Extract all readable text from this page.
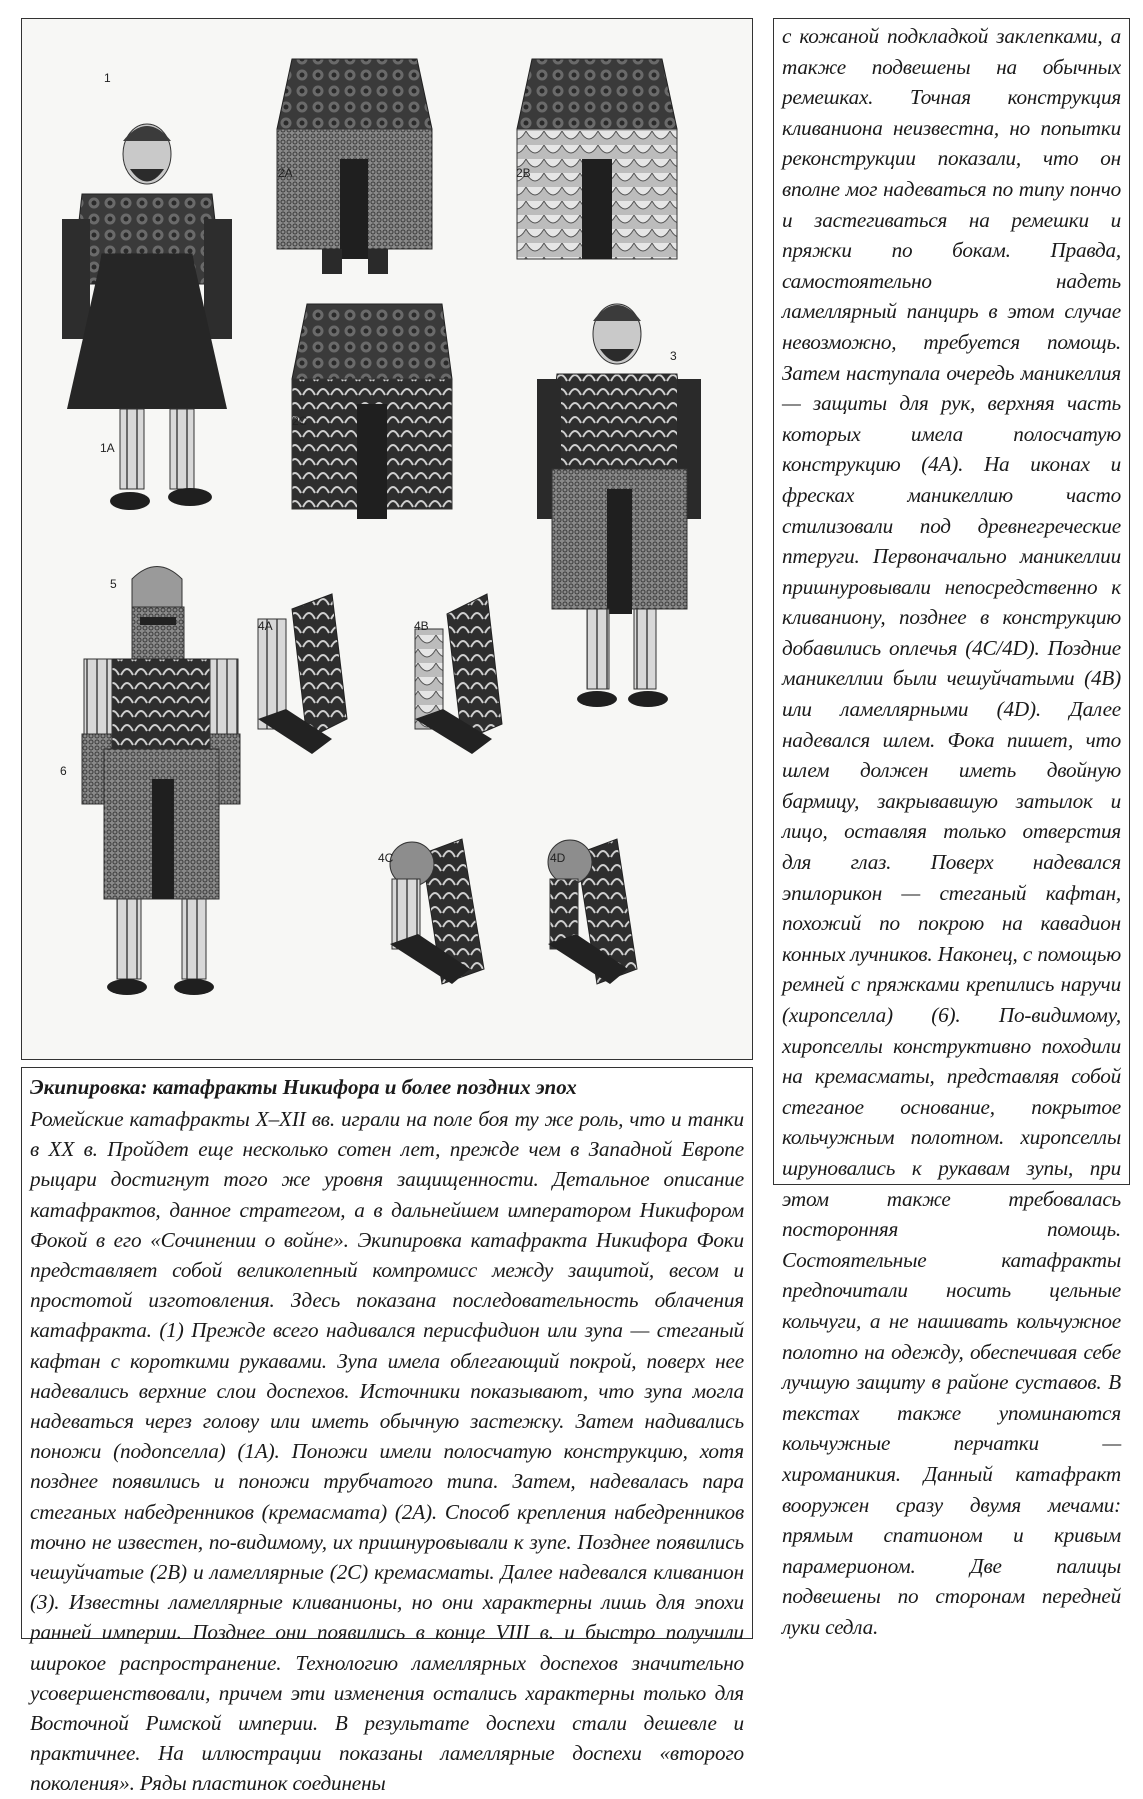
1
2A	2B
2C
3
1A
5
4A	4B
6
4C	4D

с кожаной подкладкой заклепками, а также подвешены на обычных ремешках. Точная конструкция кливаниона неизвестна, но попытки реконструкции показали, что он вполне мог надеваться по типу пончо и застегиваться на ремешки и пряжки по бокам. Правда, самостоятельно надеть ламеллярный панцирь в этом случае невозможно, требуется помощь. Затем наступала очередь маникеллия — защиты для рук, верхняя часть которых имела полосчатую конструкцию (4А). На иконах и фресках маникеллию часто стилизовали под древнегреческие птеруги. Первоначально маникеллии пришнуровывали непосредственно к кливаниону, позднее в конструкцию добавились оплечья (4С/4D). Поздние маникеллии были чешуйчатыми (4В) или ламеллярными (4D). Далее надевался шлем. Фока пишет, что шлем должен иметь двойную бармицу, закрывавшую затылок и лицо, оставляя только отверстия для глаз. Поверх надевался эпилорикон — стеганый кафтан, похожий по покрою на кавадион конных лучников. Наконец, с помощью ремней с пряжками крепились наручи (хиропселла) (6). По-видимому, хиропселлы конструктивно походили на кремасматы, представляя собой стеганое основание, покрытое кольчужным полотном. хиропселлы шруновались к рукавам зупы, при этом также требовалась посторонняя помощь. Состоятельные катафракты предпочитали носить цельные кольчуги, а не нашивать кольчужное полотно на одежду, обеспечивая себе лучшую защиту в районе суставов. В текстах также упоминаются кольчужные перчатки — хироманикия. Данный катафракт вооружен сразу двумя мечами: прямым спатионом и кривым парамерионом. Две палицы подвешены по сторонам передней луки седла.

Экипировка: катафракты Никифора и более поздних эпох

Ромейские катафракты X–XII вв. играли на поле боя ту же роль, что и танки в XX в. Пройдет еще несколько сотен лет, прежде чем в Западной Европе рыцари достигнут того же уровня защищенности. Детальное описание катафрактов, данное стратегом, а в дальнейшем императором Никифором Фокой в его «Сочинении о войне». Экипировка катафракта Никифора Фоки представляет собой великолепный компромисс между защитой, весом и простотой изготовления. Здесь показана последовательность облачения катафракта. (1) Прежде всего надивался перисфидион или зупа — стеганый кафтан с короткими рукавами. Зупа имела облегающий покрой, поверх нее надевались верхние слои доспехов. Источники показывают, что зупа могла надеваться через голову или иметь обычную застежку. Затем надивались поножи (подопселла) (1А). Поножи имели полосчатую конструкцию, хотя позднее появились и поножи трубчатого типа. Затем, надевалась пара стеганых набедренников (кремасмата) (2А). Способ крепления набедренников точно не известен, по-видимому, их пришнуровывали к зупе. Позднее появились чешуйчатые (2В) и ламеллярные (2С) кремасматы. Далее надевался кливанион (3). Известны ламеллярные кливанионы, но они характерны лишь для эпохи ранней империи. Позднее они появились в конце VIII в. и быстро получили широкое распространение. Технологию ламеллярных доспехов значительно усовершенствовали, причем эти изменения остались характерны только для Восточной Римской империи. В результате доспехи стали дешевле и практичнее. На иллюстрации показаны ламеллярные доспехи «второго поколения». Ряды пластинок соединены
